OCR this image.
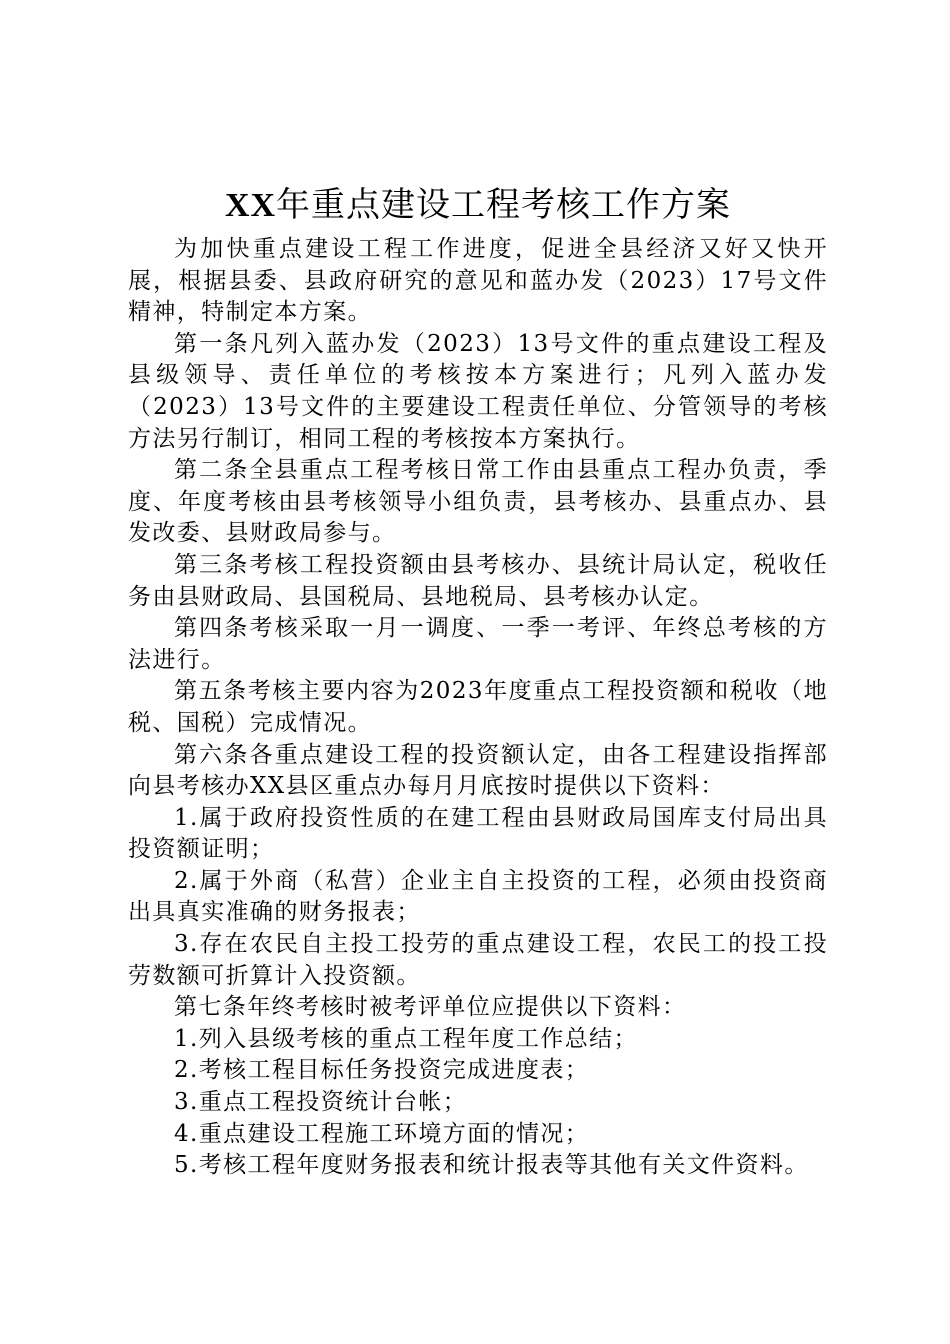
XX年重点建设工程考核工作方案

为加快重点建设工程工作进度，促进全县经济又好又快开展，根据县委、县政府研究的意见和蓝办发（2023）17号文件精神，特制定本方案。

第一条凡列入蓝办发（2023）13号文件的重点建设工程及县级领导、责任单位的考核按本方案进行；凡列入蓝办发（2023）13号文件的主要建设工程责任单位、分管领导的考核方法另行制订，相同工程的考核按本方案执行。

第二条全县重点工程考核日常工作由县重点工程办负责，季度、年度考核由县考核领导小组负责，县考核办、县重点办、县发改委、县财政局参与。

第三条考核工程投资额由县考核办、县统计局认定，税收任务由县财政局、县国税局、县地税局、县考核办认定。

第四条考核采取一月一调度、一季一考评、年终总考核的方法进行。

第五条考核主要内容为2023年度重点工程投资额和税收（地税、国税）完成情况。

第六条各重点建设工程的投资额认定，由各工程建设指挥部向县考核办XX县区重点办每月月底按时提供以下资料：

1.属于政府投资性质的在建工程由县财政局国库支付局出具投资额证明；

2.属于外商（私营）企业主自主投资的工程，必须由投资商出具真实准确的财务报表；

3.存在农民自主投工投劳的重点建设工程，农民工的投工投劳数额可折算计入投资额。

第七条年终考核时被考评单位应提供以下资料：

1.列入县级考核的重点工程年度工作总结；

2.考核工程目标任务投资完成进度表；

3.重点工程投资统计台帐；

4.重点建设工程施工环境方面的情况；

5.考核工程年度财务报表和统计报表等其他有关文件资料。
